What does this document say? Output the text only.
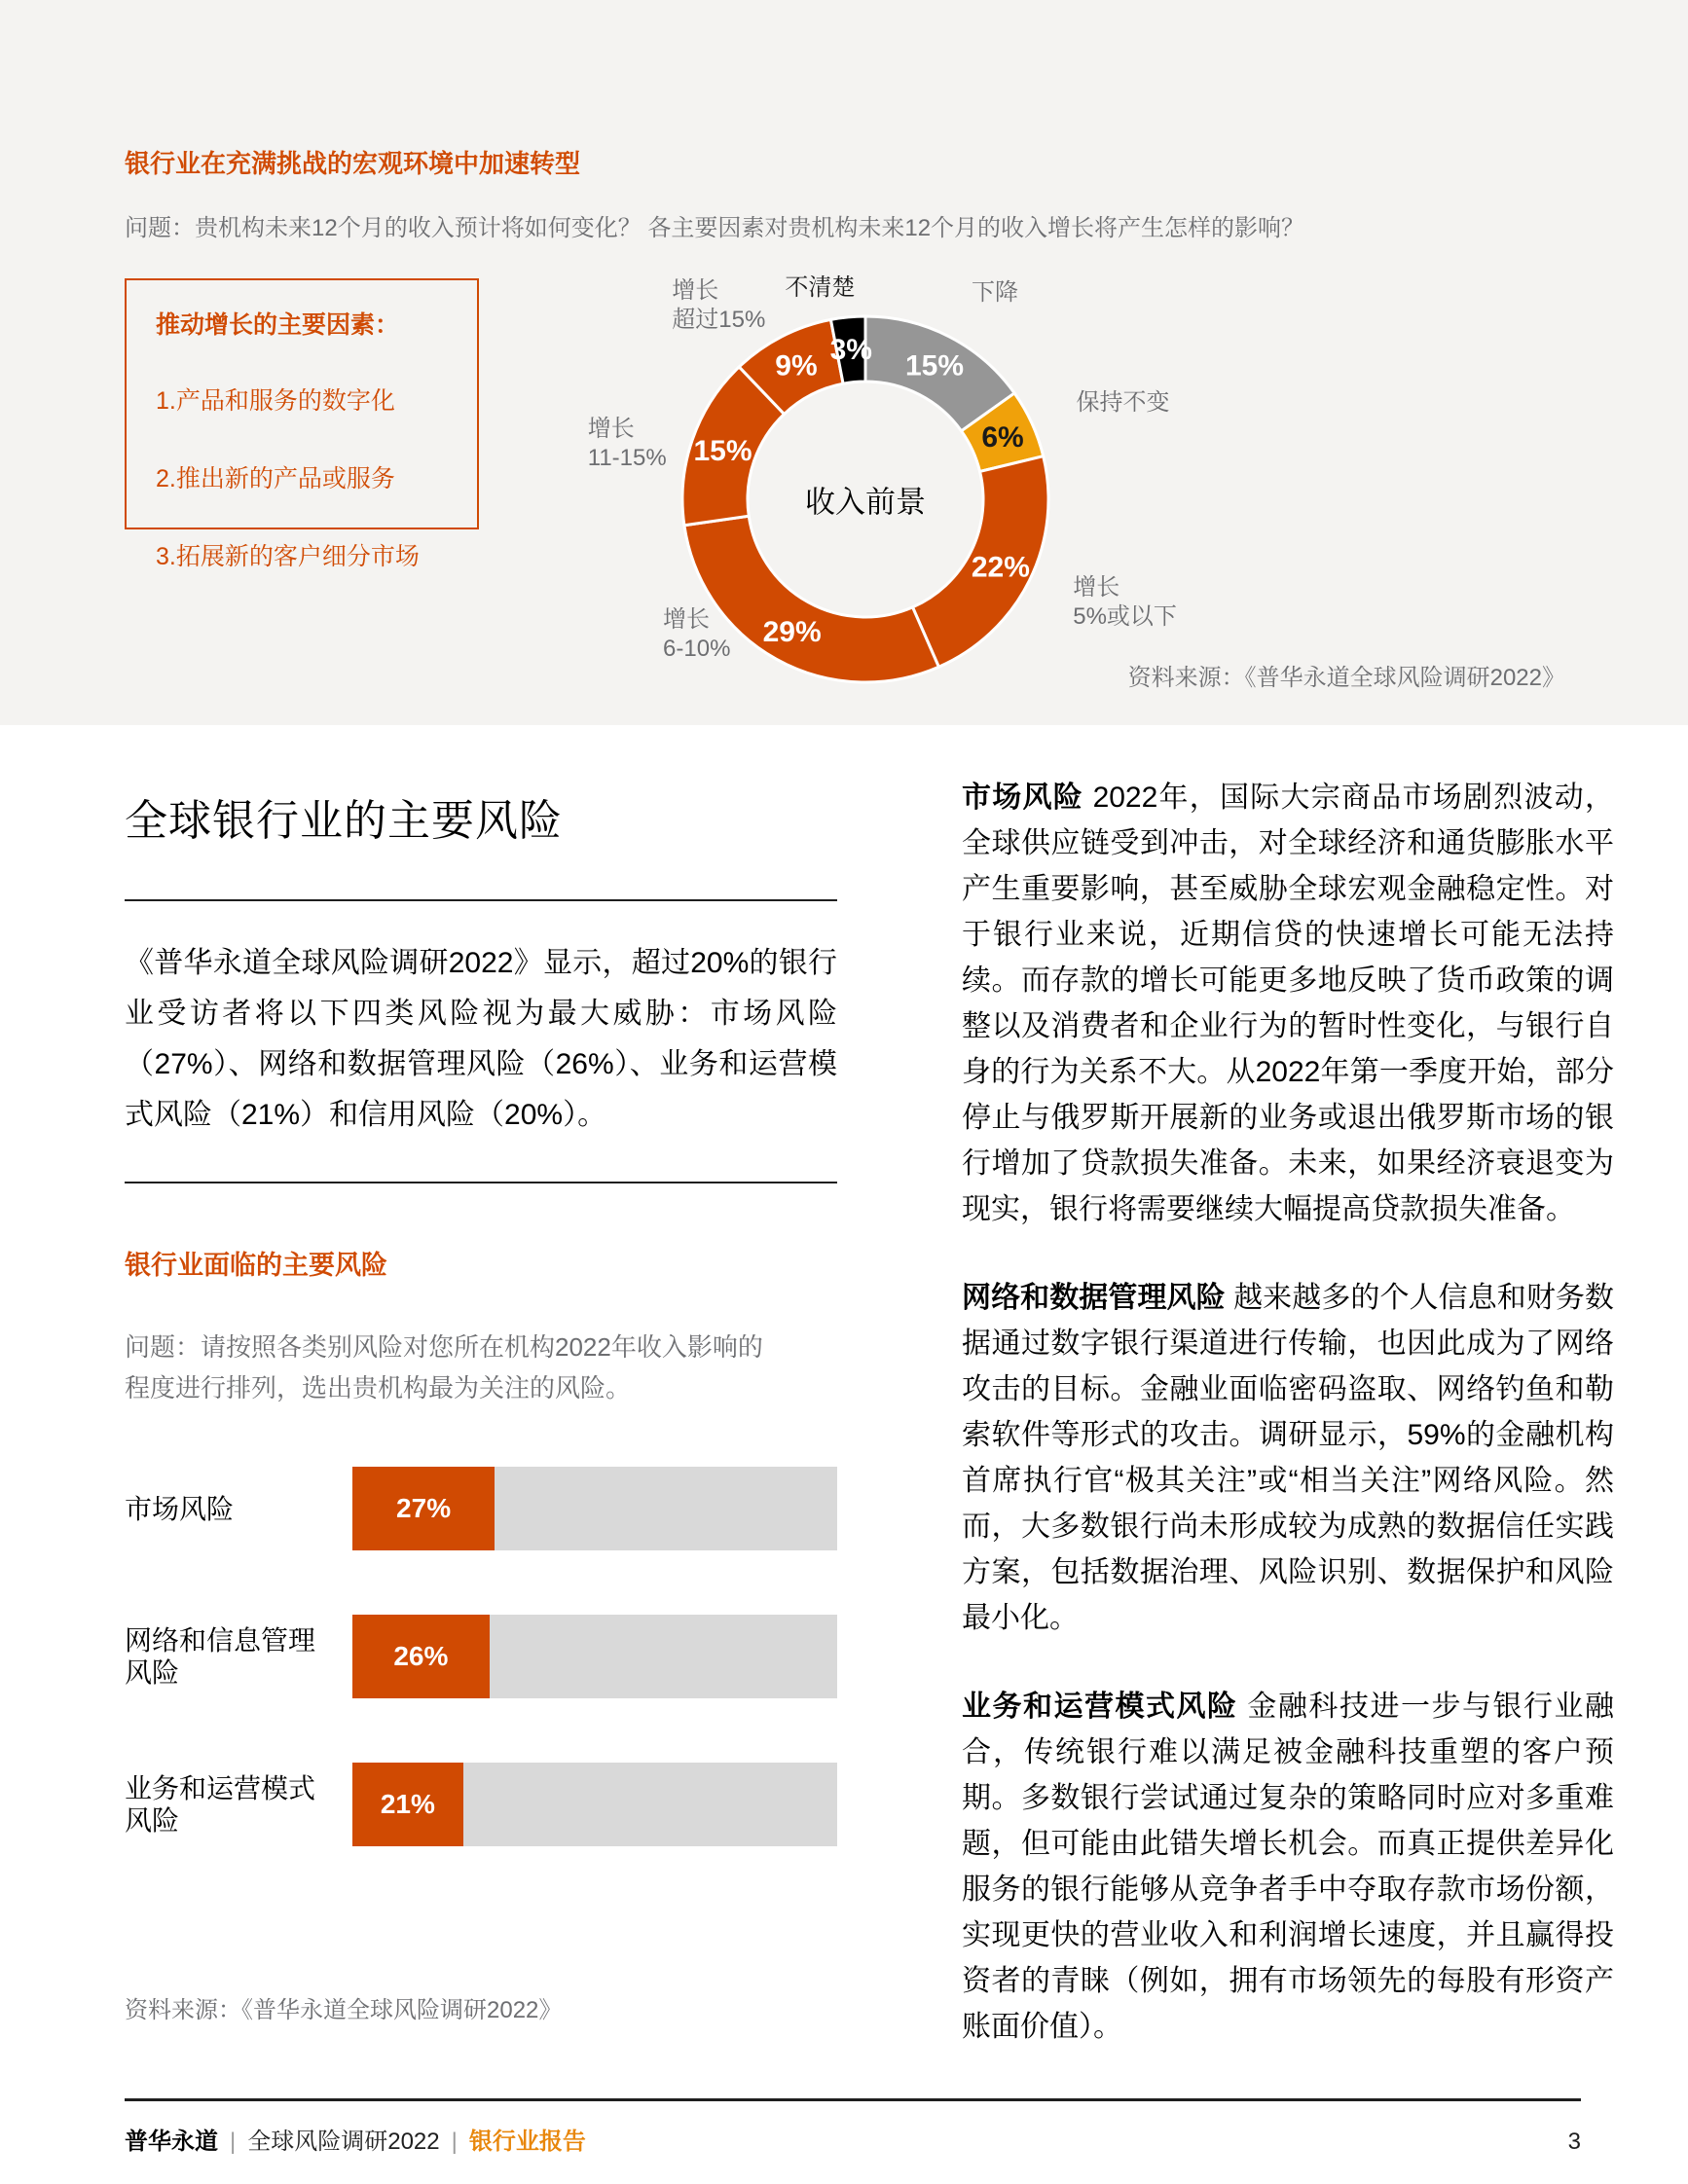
银行业在充满挑战的宏观环境中加速转型
问题：贵机构未来12个月的收入预计将如何变化？ 各主要因素对贵机构未来12个月的收入增长将产生怎样的影响？
推动增长的主要因素：
1.产品和服务的数字化
2.推出新的产品或服务
3.拓展新的客户细分市场
15%
6%
22%
29%
15%
9%
3%
收入前景
下降
保持不变
增长
5%或以下
增长
6-10%
增长
11-15%
增长
超过15%
不清楚
资料来源：《普华永道全球风险调研2022》
全球银行业的主要风险
《普华永道全球风险调研2022》显示，超过20%的银行业受访者将以下四类风险视为最大威胁：市场风险（27%）、网络和数据管理风险（26%）、业务和运营模式风险（21%）和信用风险（20%）。
银行业面临的主要风险
问题：请按照各类别风险对您所在机构2022年收入影响的程度进行排列，选出贵机构最为关注的风险。
市场风险	27%
网络和信息管理
风险
26%
业务和运营模式
风险
21%
资料来源：《普华永道全球风险调研2022》

市场风险 2022年，国际大宗商品市场剧烈波动，全球供应链受到冲击，对全球经济和通货膨胀水平产生重要影响，甚至威胁全球宏观金融稳定性。对于银行业来说，近期信贷的快速增长可能无法持续。而存款的增长可能更多地反映了货币政策的调整以及消费者和企业行为的暂时性变化，与银行自身的行为关系不大。从2022年第一季度开始，部分停止与俄罗斯开展新的业务或退出俄罗斯市场的银行增加了贷款损失准备。未来，如果经济衰退变为现实，银行将需要继续大幅提高贷款损失准备。

网络和数据管理风险 越来越多的个人信息和财务数据通过数字银行渠道进行传输，也因此成为了网络攻击的目标。金融业面临密码盗取、网络钓鱼和勒索软件等形式的攻击。调研显示，59%的金融机构首席执行官“极其关注”或“相当关注”网络风险。然而，大多数银行尚未形成较为成熟的数据信任实践方案，包括数据治理、风险识别、数据保护和风险最小化。

业务和运营模式风险 金融科技进一步与银行业融合，传统银行难以满足被金融科技重塑的客户预期。多数银行尝试通过复杂的策略同时应对多重难题，但可能由此错失增长机会。而真正提供差异化服务的银行能够从竞争者手中夺取存款市场份额，实现更快的营业收入和利润增长速度，并且赢得投资者的青睐（例如，拥有市场领先的每股有形资产账面价值）。

普华永道 | 全球风险调研2022 | 银行业报告	3
